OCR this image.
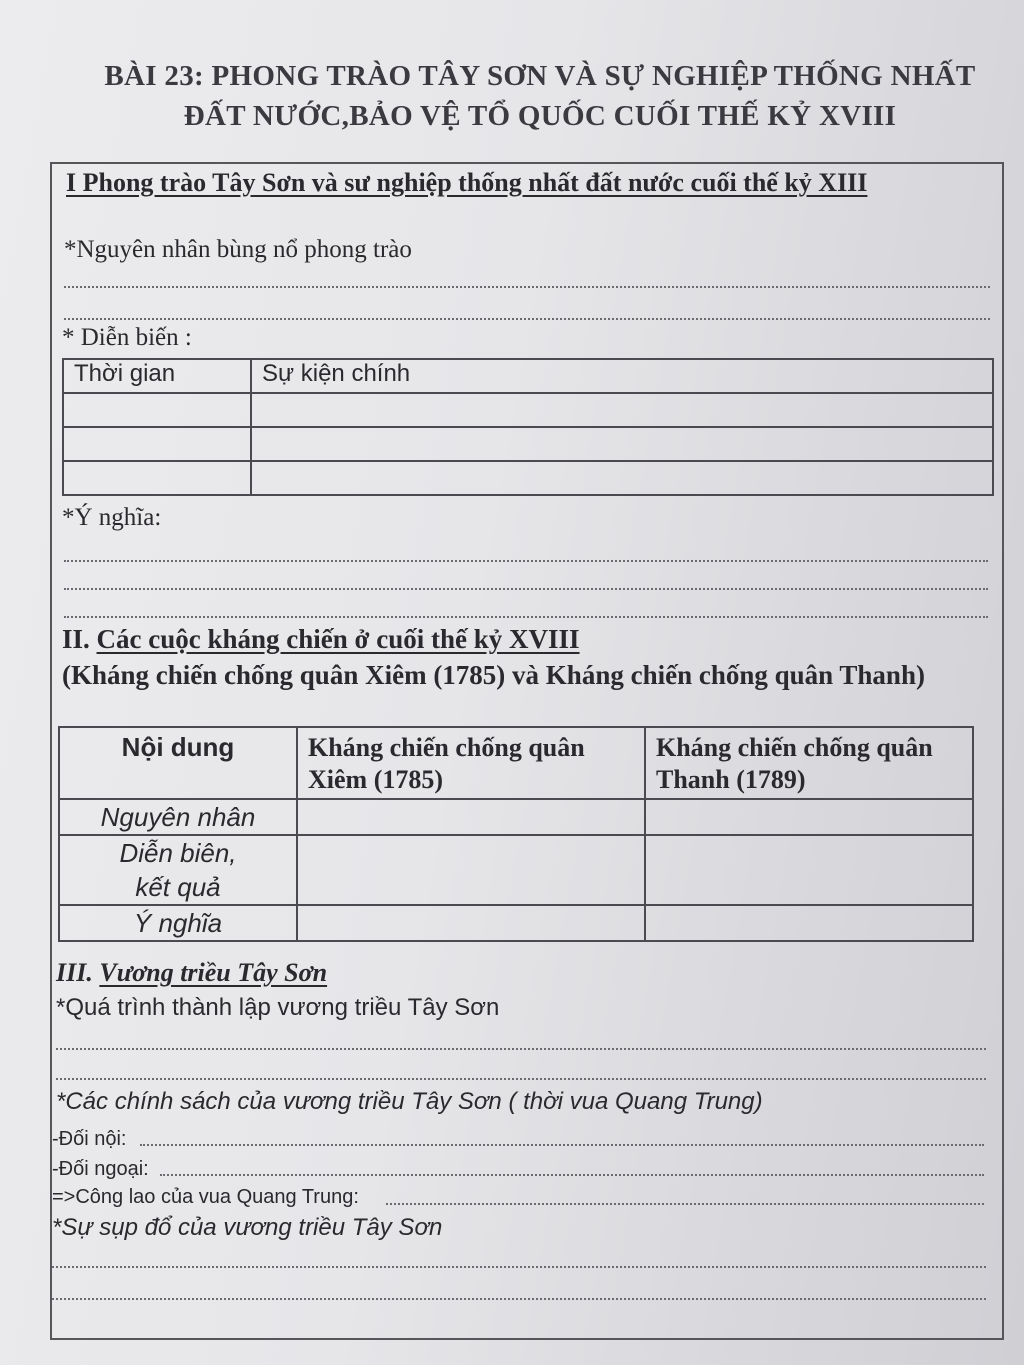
BÀI 23: PHONG TRÀO TÂY SƠN VÀ SỰ NGHIỆP THỐNG NHẤT
ĐẤT NƯỚC,BẢO VỆ TỔ QUỐC CUỐI THẾ KỶ XVIII
I Phong trào Tây Sơn và sư nghiệp thống nhất đất nước cuối thế kỷ XIII
*Nguyên nhân bùng nổ phong trào
* Diễn biến :
Thời gian	Sự kiện chính

*Ý nghĩa:
II. Các cuộc kháng chiến ở cuối thế kỷ XVIII
(Kháng chiến chống quân Xiêm (1785) và Kháng chiến chống quân Thanh)
Nội dung	Kháng chiến chống quân Xiêm (1785)	Kháng chiến chống quân Thanh (1789)
Nguyên nhân		
Diễn biên, kết quả		
Ý nghĩa		
III. Vương triều Tây Sơn
*Quá trình thành lập vương triều Tây Sơn
*Các chính sách của vương triều Tây Sơn ( thời vua Quang Trung)
-Đối nội:
-Đối ngoại:
=>Công lao của vua Quang Trung:
*Sự sụp đổ của vương triều Tây Sơn
